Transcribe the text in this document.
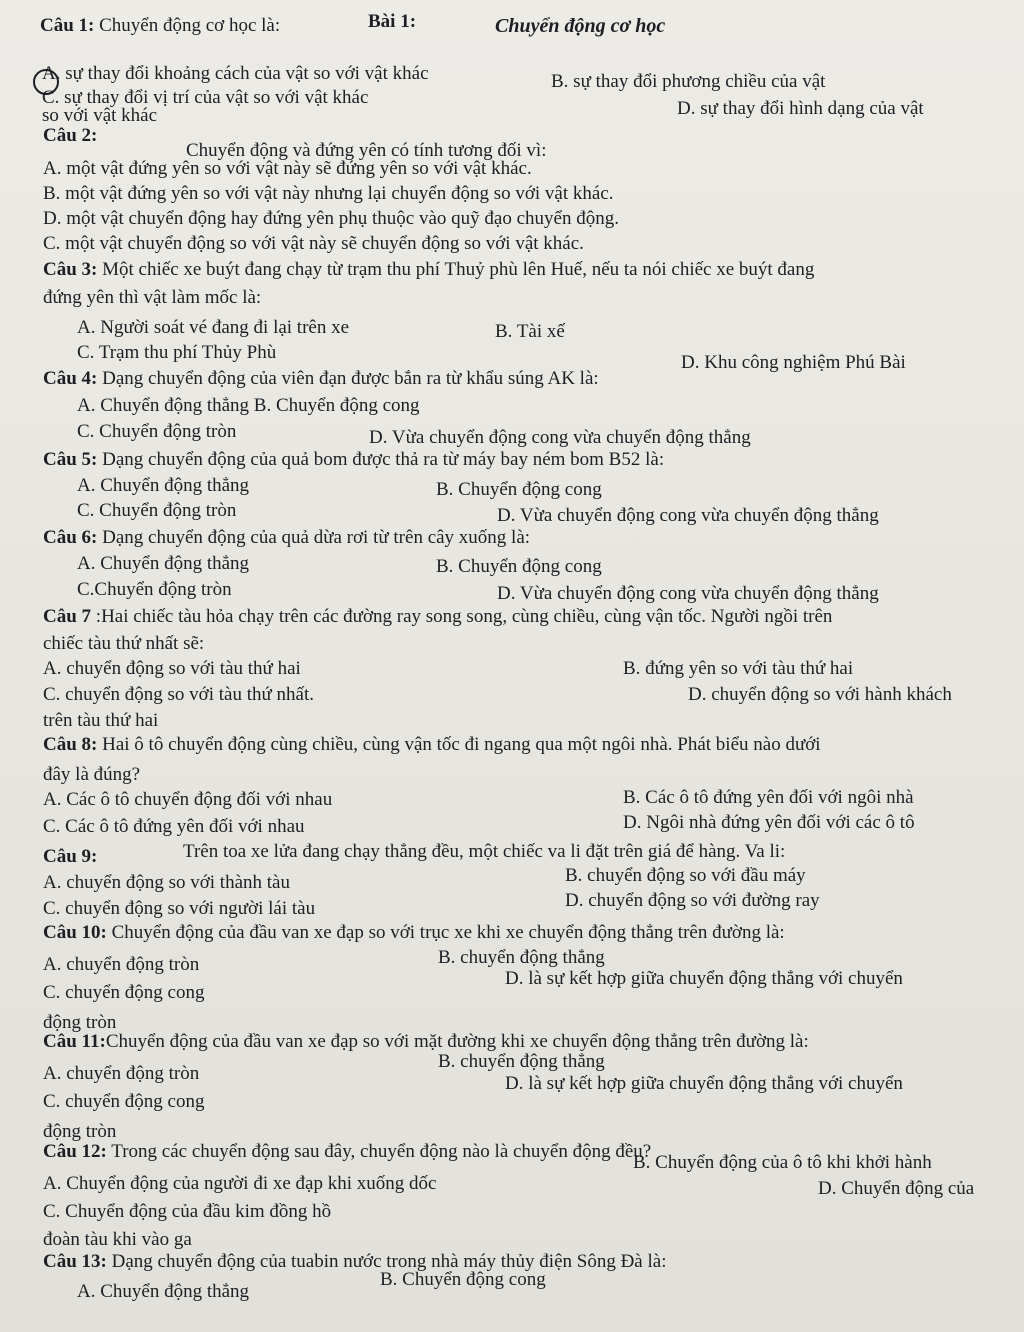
Bài 1:	Chuyển động cơ học
Câu 1: Chuyển động cơ học là:
A. sự thay đổi khoảng cách của vật so với vật khác	B. sự thay đổi phương chiều của vật
C. sự thay đổi vị trí của vật so với vật khác
so với vật khác	D. sự thay đổi hình dạng của vật
Câu 2:
Chuyển động và đứng yên có tính tương đối vì:
A. một vật đứng yên so với vật này sẽ đứng yên so với vật khác.
B. một vật đứng yên so với vật này nhưng lại chuyển động so với vật khác.
D. một vật chuyển động hay đứng yên phụ thuộc vào quỹ đạo chuyển động.
C. một vật chuyển động so với vật này sẽ chuyển động so với vật khác.
Câu 3: Một chiếc xe buýt đang chạy từ trạm thu phí Thuỷ phù lên Huế, nếu ta nói chiếc xe buýt đang
đứng yên thì vật làm mốc là:
A. Người soát vé đang đi lại trên xe	B. Tài xế
C. Trạm thu phí Thủy Phù	D. Khu công nghiệm Phú Bài
Câu 4: Dạng chuyển động của viên đạn được bắn ra từ khẩu súng AK là:
A. Chuyển động thẳng B. Chuyển động cong
C. Chuyển động tròn	D. Vừa chuyển động cong vừa chuyển động thẳng
Câu 5: Dạng chuyển động của quả bom được thả ra từ máy bay ném bom B52 là:
A. Chuyển động thẳng	B. Chuyển động cong
C. Chuyển động tròn	D. Vừa chuyển động cong vừa chuyển động thẳng
Câu 6: Dạng chuyển động của quả dừa rơi từ trên cây xuống là:
A. Chuyển động thẳng	B. Chuyển động cong
C.Chuyển động tròn	D. Vừa chuyển động cong vừa chuyển động thẳng
Câu 7 :Hai chiếc tàu hỏa chạy trên các đường ray song song, cùng chiều, cùng vận tốc. Người ngồi trên
chiếc tàu thứ nhất sẽ:
A. chuyển động so với tàu thứ hai	B. đứng yên so với tàu thứ hai
C. chuyển động so với tàu thứ nhất.	D. chuyển động so với hành khách
trên tàu thứ hai
Câu 8: Hai ô tô chuyển động cùng chiều, cùng vận tốc đi ngang qua một ngôi nhà. Phát biểu nào dưới
đây là đúng?
A. Các ô tô chuyển động đối với nhau	B. Các ô tô đứng yên đối với ngôi nhà
C. Các ô tô đứng yên đối với nhau	D. Ngôi nhà đứng yên đối với các ô tô
Câu 9:	Trên toa xe lửa đang chạy thẳng đều, một chiếc va li đặt trên giá để hàng. Va li:
A. chuyển động so với thành tàu	B. chuyển động so với đầu máy
C. chuyển động so với người lái tàu	D. chuyển động so với đường ray
Câu 10: Chuyển động của đầu van xe đạp so với trục xe khi xe chuyển động thẳng trên đường là:
A. chuyển động tròn	B. chuyển động thẳng
C. chuyển động cong
D. là sự kết hợp giữa chuyển động thẳng với chuyển
động tròn
Câu 11:Chuyển động của đầu van xe đạp so với mặt đường khi xe chuyển động thẳng trên đường là:
A. chuyển động tròn
B. chuyển động thẳng
C. chuyển động cong
D. là sự kết hợp giữa chuyển động thẳng với chuyển
động tròn
Câu 12: Trong các chuyển động sau đây, chuyển động nào là chuyển động đều?
A. Chuyển động của người đi xe đạp khi xuống dốc
B. Chuyển động của ô tô khi khởi hành
C. Chuyển động của đầu kim đồng hồ
D. Chuyển động của
đoàn tàu khi vào ga
Câu 13: Dạng chuyển động của tuabin nước trong nhà máy thủy điện Sông Đà là:
A. Chuyển động thẳng
B. Chuyển động cong
